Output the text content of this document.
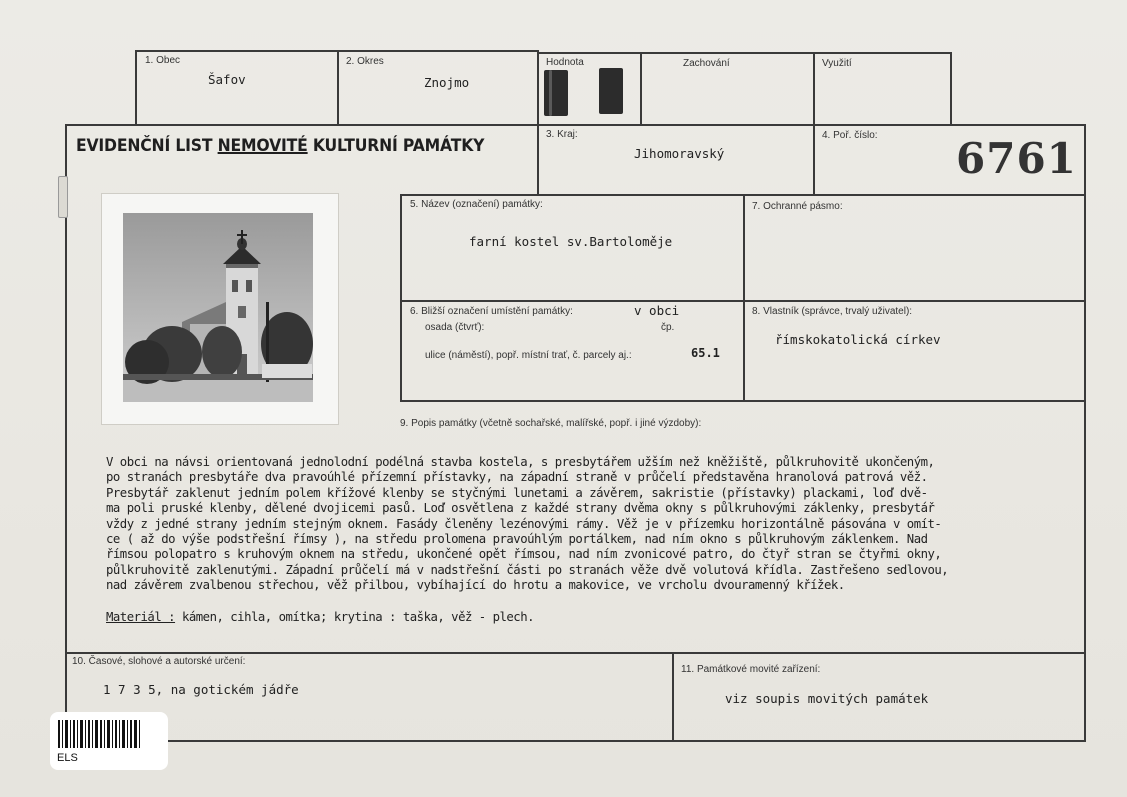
1. Obec
Šafov
2. Okres
Znojmo
Hodnota	Zachování	Využití
EVIDENČNÍ LIST NEMOVITÉ KULTURNÍ PAMÁTKY
3. Kraj:
Jihomoravský
4. Poř. číslo: 6761
5. Název (označení) památky:
farní kostel sv.Bartoloměje
7. Ochranné pásmo:
6. Bližší označení umístění památky:	v obci
osada (čtvrť):	čp.
ulice (náměstí), popř. místní trať, č. parcely aj.:	65.1
8. Vlastník (správce, trvalý uživatel):
římskokatolická církev
9. Popis památky (včetně sochařské, malířské, popř. i jiné výzdoby):
V obci na návsi orientovaná jednolodní podélná stavba kostela, s presbytářem užším než kněžiště, půlkruhovitě ukončeným,
po stranách presbytáře dva pravoúhlé přízemní přístavky, na západní straně v průčelí představěna hranolová patrová věž.
Presbytář zaklenut jedním polem křížové klenby se styčnými lunetami a závěrem, sakristie (přístavky) plackami, loď dvě-
ma poli pruské klenby, dělené dvojicemi pasů. Loď osvětlena z každé strany dvěma okny s půlkruhovými záklenky, presbytář
vždy z jedné strany jedním stejným oknem. Fasády členěny lezénovými rámy. Věž je v přízemku horizontálně pásována v omít-
ce ( až do výše podstřešní římsy ), na středu prolomena pravoúhlým portálkem, nad ním okno s půlkruhovým záklenkem. Nad
římsou polopatro s kruhovým oknem na středu, ukončené opět římsou, nad ním zvonicové patro, do čtyř stran se čtyřmi okny,
půlkruhovitě zaklenutými. Západní průčelí má v nadstřešní části po stranách věže dvě volutová křídla. Zastřešeno sedlovou,
nad závěrem zvalbenou střechou, věž přilbou, vybíhající do hrotu a makovice, ve vrcholu dvouramenný křížek.
Materiál : kámen, cihla, omítka; krytina : taška, věž - plech.
10. Časové, slohové a autorské určení:
1 7 3 5, na gotickém jádře
11. Památkové movité zařízení:
viz soupis movitých památek
ELS
